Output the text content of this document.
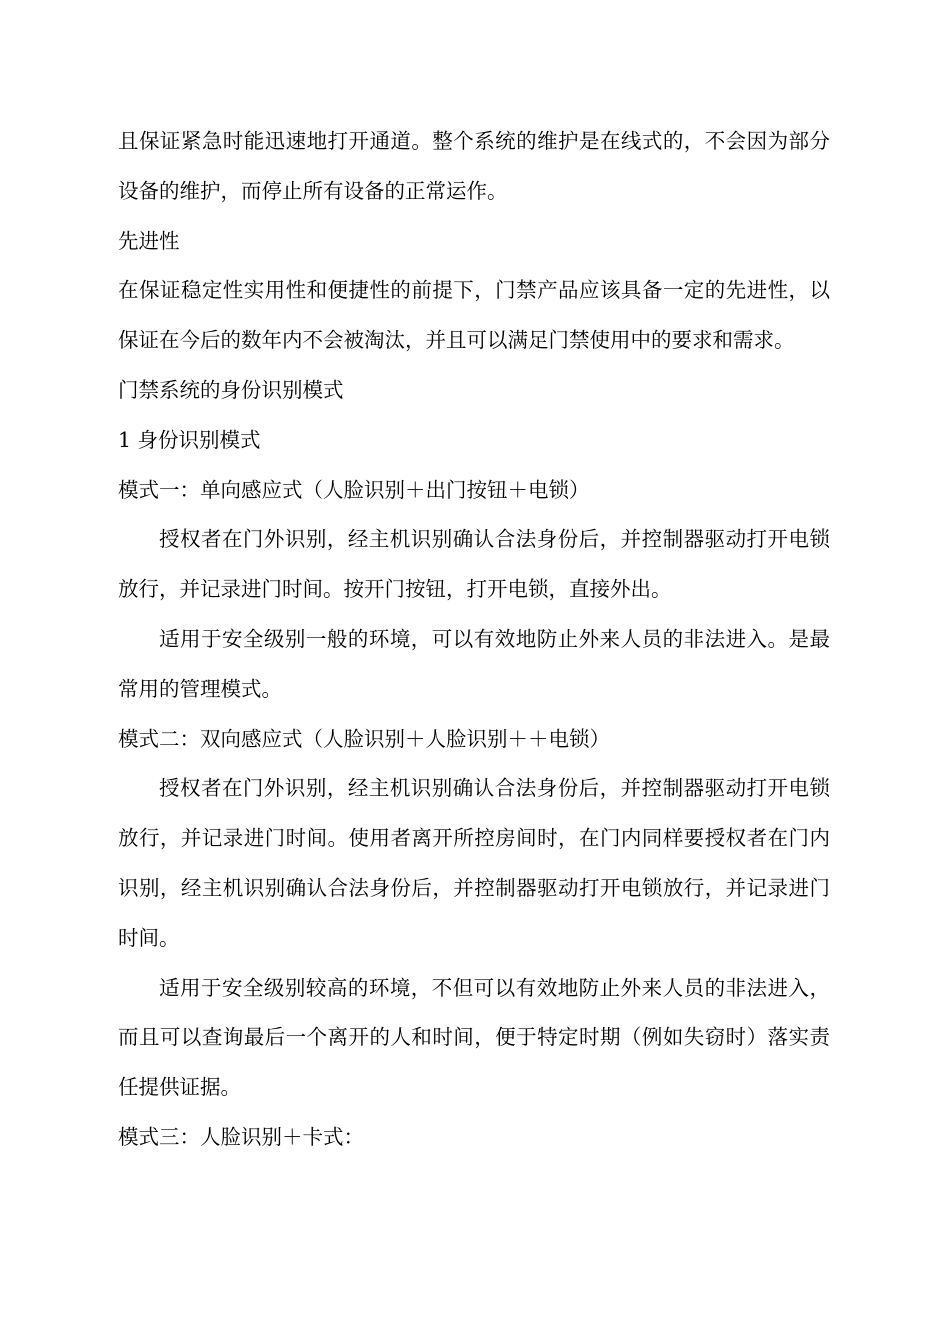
且保证紧急时能迅速地打开通道。整个系统的维护是在线式的，不会因为部分设备的维护，而停止所有设备的正常运作。

先进性

在保证稳定性实用性和便捷性的前提下，门禁产品应该具备一定的先进性，以保证在今后的数年内不会被淘汰，并且可以满足门禁使用中的要求和需求。

门禁系统的身份识别模式

1 身份识别模式

模式一：单向感应式（人脸识别＋出门按钮＋电锁）

授权者在门外识别，经主机识别确认合法身份后，并控制器驱动打开电锁放行，并记录进门时间。按开门按钮，打开电锁，直接外出。

适用于安全级别一般的环境，可以有效地防止外来人员的非法进入。是最常用的管理模式。

模式二：双向感应式（人脸识别＋人脸识别＋＋电锁）

授权者在门外识别，经主机识别确认合法身份后，并控制器驱动打开电锁放行，并记录进门时间。使用者离开所控房间时，在门内同样要授权者在门内识别，经主机识别确认合法身份后，并控制器驱动打开电锁放行，并记录进门时间。

适用于安全级别较高的环境，不但可以有效地防止外来人员的非法进入，而且可以查询最后一个离开的人和时间，便于特定时期（例如失窃时）落实责任提供证据。

模式三：人脸识别＋卡式：
